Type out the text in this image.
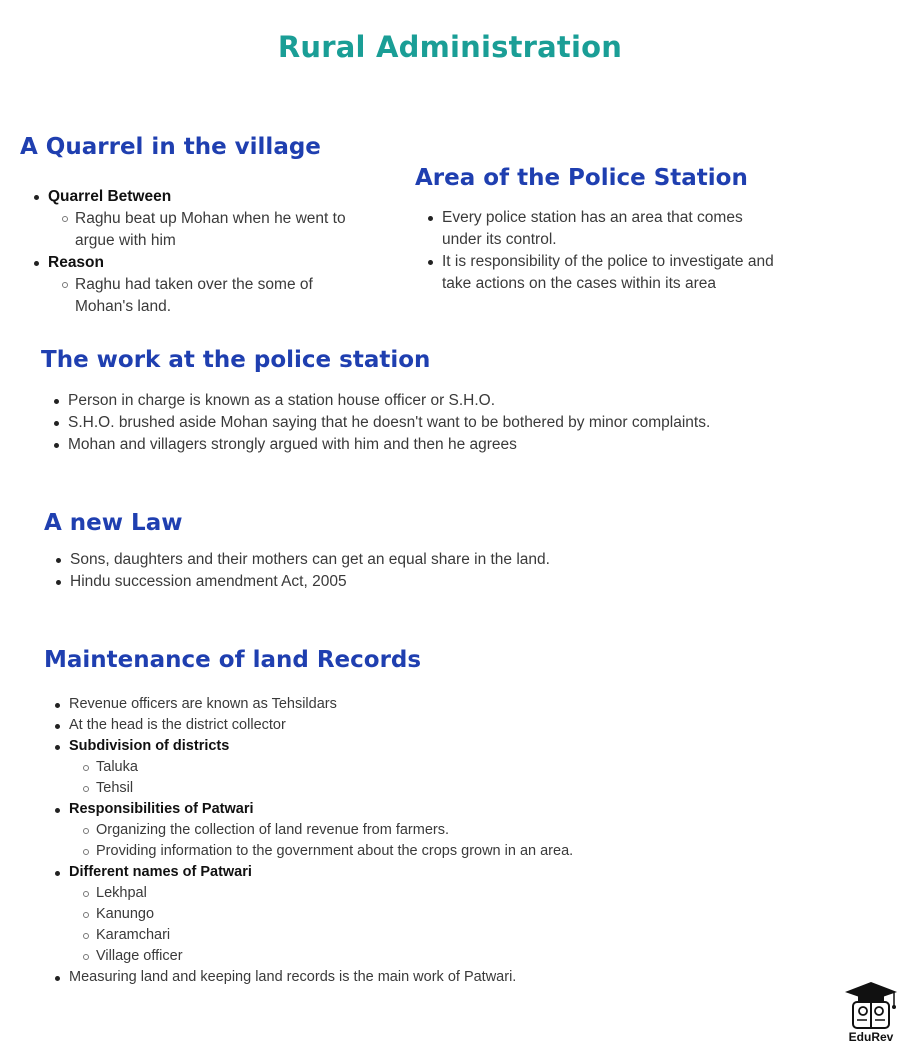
Rural Administration
A Quarrel in the village
Quarrel Between
Raghu beat up Mohan when he went to argue with him
Reason
Raghu had taken over the some of Mohan's land.
Area of the Police Station
Every police station has an area that comes under its control.
It is responsibility of the police to investigate and take actions on the cases within its area
The work at the police station
Person in charge is known as a station house officer or S.H.O.
S.H.O. brushed aside Mohan saying that he doesn't want to be bothered by minor complaints.
Mohan and villagers strongly argued with him and then he agrees
A new Law
Sons, daughters and their mothers can get an equal share in the land.
Hindu succession amendment Act, 2005
Maintenance of land Records
Revenue officers are known as Tehsildars
At the head is the district collector
Subdivision of districts
Taluka
Tehsil
Responsibilities of Patwari
Organizing the collection of land revenue from farmers.
Providing information to the government about the crops grown in an area.
Different names of Patwari
Lekhpal
Kanungo
Karamchari
Village officer
Measuring land and keeping land records is the main work of Patwari.
EduRev
